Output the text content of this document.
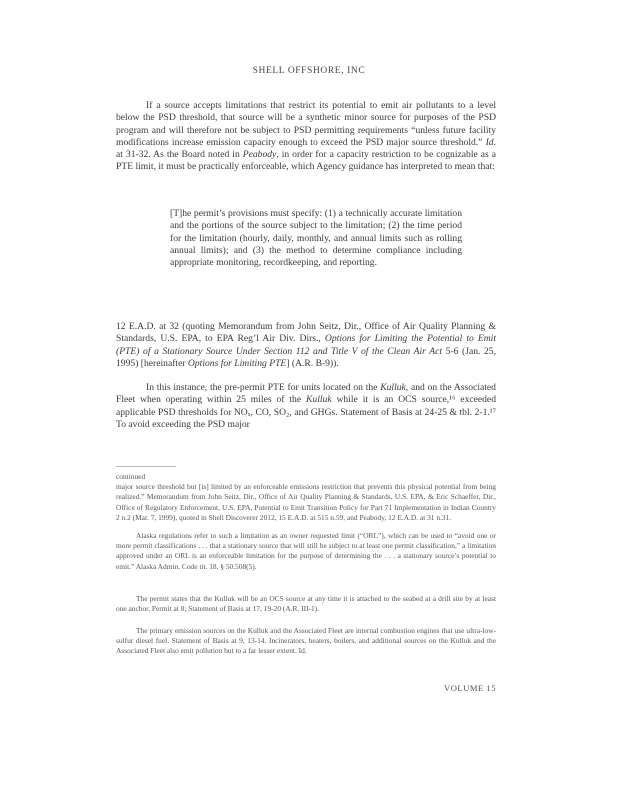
SHELL OFFSHORE, INC
If a source accepts limitations that restrict its potential to emit air pollutants to a level below the PSD threshold, that source will be a synthetic minor source for purposes of the PSD program and will therefore not be subject to PSD permitting requirements “unless future facility modifications increase emission capacity enough to exceed the PSD major source threshold.” Id. at 31-32. As the Board noted in Peabody, in order for a capacity restriction to be cognizable as a PTE limit, it must be practically enforceable, which Agency guidance has interpreted to mean that:
[T]he permit’s provisions must specify: (1) a technically accurate limitation and the portions of the source subject to the limitation; (2) the time period for the limitation (hourly, daily, monthly, and annual limits such as rolling annual limits); and (3) the method to determine compliance including appropriate monitoring, recordkeeping, and reporting.
12 E.A.D. at 32 (quoting Memorandum from John Seitz, Dir., Office of Air Quality Planning & Standards, U.S. EPA, to EPA Reg’l Air Div. Dirs., Options for Limiting the Potential to Emit (PTE) of a Stationary Source Under Section 112 and Title V of the Clean Air Act 5-6 (Jan. 25, 1995) [hereinafter Options for Limiting PTE] (A.R. B-9)).
In this instance, the pre-permit PTE for units located on the Kulluk, and on the Associated Fleet when operating within 25 miles of the Kulluk while it is an OCS source,¹⁶ exceeded applicable PSD thresholds for NOₓ, CO, SO₂, and GHGs. Statement of Basis at 24-25 & tbl. 2-1.¹⁷ To avoid exceeding the PSD major
continued
major source threshold but [is] limited by an enforceable emissions restriction that prevents this physical potential from being realized.” Memorandum from John Seitz, Dir., Office of Air Quality Planning & Standards, U.S. EPA, & Eric Schaeffer, Dir., Office of Regulatory Enforcement, U.S. EPA, Potential to Emit Transition Policy for Part 71 Implementation in Indian Country 2 n.2 (Mar. 7, 1999), quoted in Shell Discoverer 2012, 15 E.A.D. at 515 n.59, and Peabody, 12 E.A.D. at 31 n.31.
Alaska regulations refer to such a limitation as an owner requested limit (“ORL”), which can be used to “avoid one or more permit classifications . . . that a stationary source that will still be subject to at least one permit classification,” a limitation approved under an ORL is an enforceable limitation for the purpose of determining the . . . a stationary source’s potential to emit.” Alaska Admin. Code tit. 18, § 50.508(5).
The permit states that the Kulluk will be an OCS source at any time it is attached to the seabed at a drill site by at least one anchor. Permit at 8; Statement of Basis at 17, 19-20 (A.R. III-1).
The primary emission sources on the Kulluk and the Associated Fleet are internal combustion engines that use ultra-low-sulfur diesel fuel. Statement of Basis at 9, 13-14. Incinerators, heaters, boilers, and additional sources on the Kulluk and the Associated Fleet also emit pollution but to a far lesser extent. Id.
VOLUME 15
